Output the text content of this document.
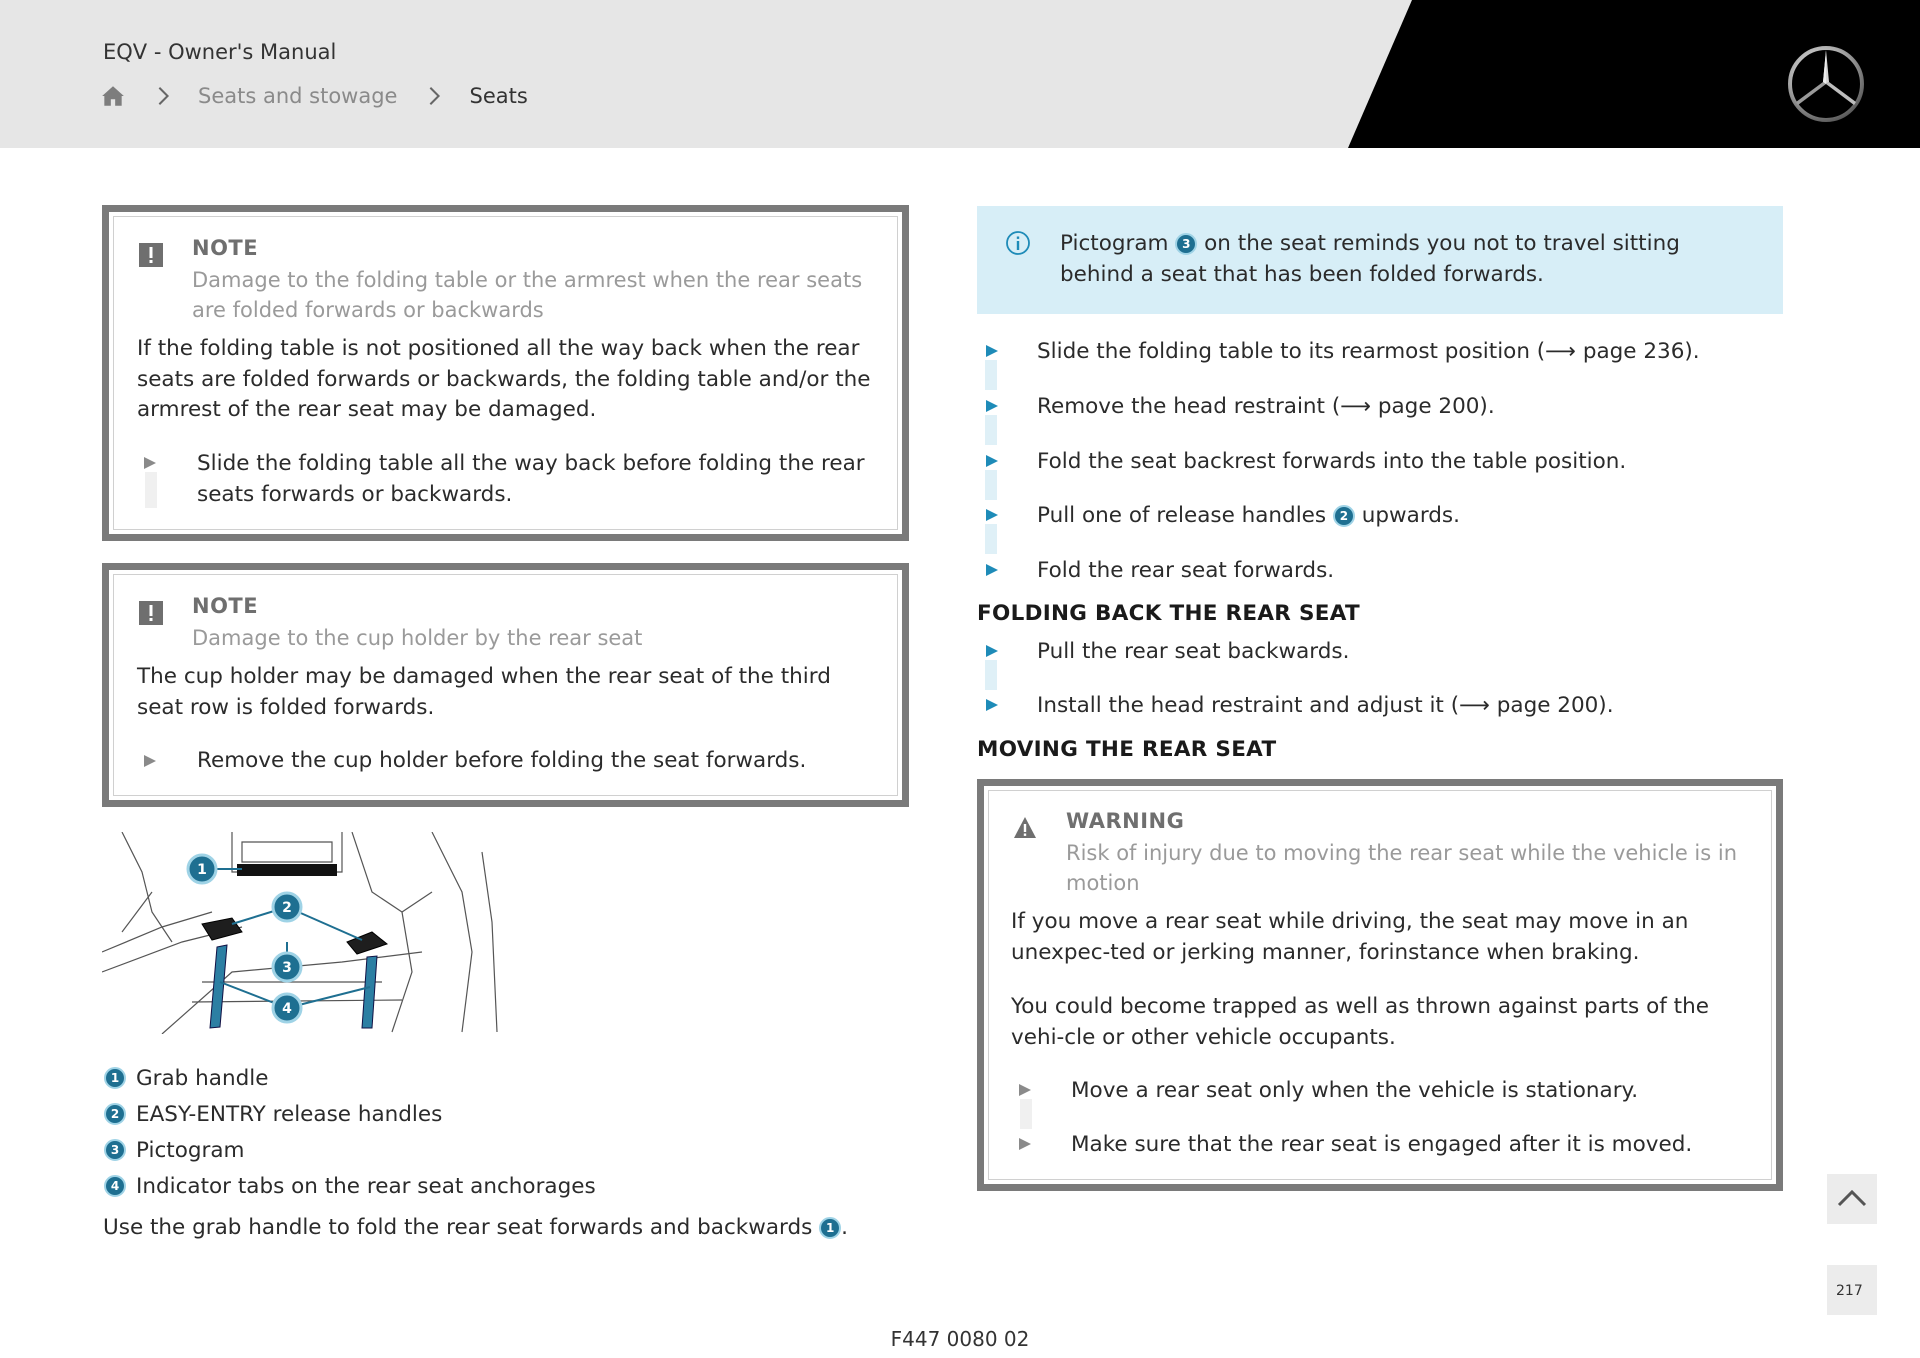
EQV - Owner's Manual
Seats and stowage	Seats
NOTE
Damage to the folding table or the armrest when the rear seats are folded forwards or backwards
If the folding table is not positioned all the way back when the rear seats are folded forwards or backwards, the folding table and/or the armrest of the rear seat may be damaged.
Slide the folding table all the way back before folding the rear seats forwards or backwards.
NOTE
Damage to the cup holder by the rear seat
The cup holder may be damaged when the rear seat of the third seat row is folded forwards.
Remove the cup holder before folding the seat forwards.
1
2
3
4
1 Grab handle
2 EASY-ENTRY release handles
3 Pictogram
4 Indicator tabs on the rear seat anchorages
Use the grab handle to fold the rear seat forwards and backwards 1 .
Pictogram 3 on the seat reminds you not to travel sitting behind a seat that has been folded forwards.
Slide the folding table to its rearmost position (⟶ page 236).
Remove the head restraint (⟶ page 200).
Fold the seat backrest forwards into the table position.
Pull one of release handles 2 upwards.
Fold the rear seat forwards.
FOLDING BACK THE REAR SEAT
Pull the rear seat backwards.
Install the head restraint and adjust it (⟶ page 200).
MOVING THE REAR SEAT
WARNING
Risk of injury due to moving the rear seat while the vehicle is in motion
If you move a rear seat while driving, the seat may move in an unexpec-ted or jerking manner, forinstance when braking.
You could become trapped as well as thrown against parts of the vehi-cle or other vehicle occupants.
Move a rear seat only when the vehicle is stationary.
Make sure that the rear seat is engaged after it is moved.
F447 0080 02
217
